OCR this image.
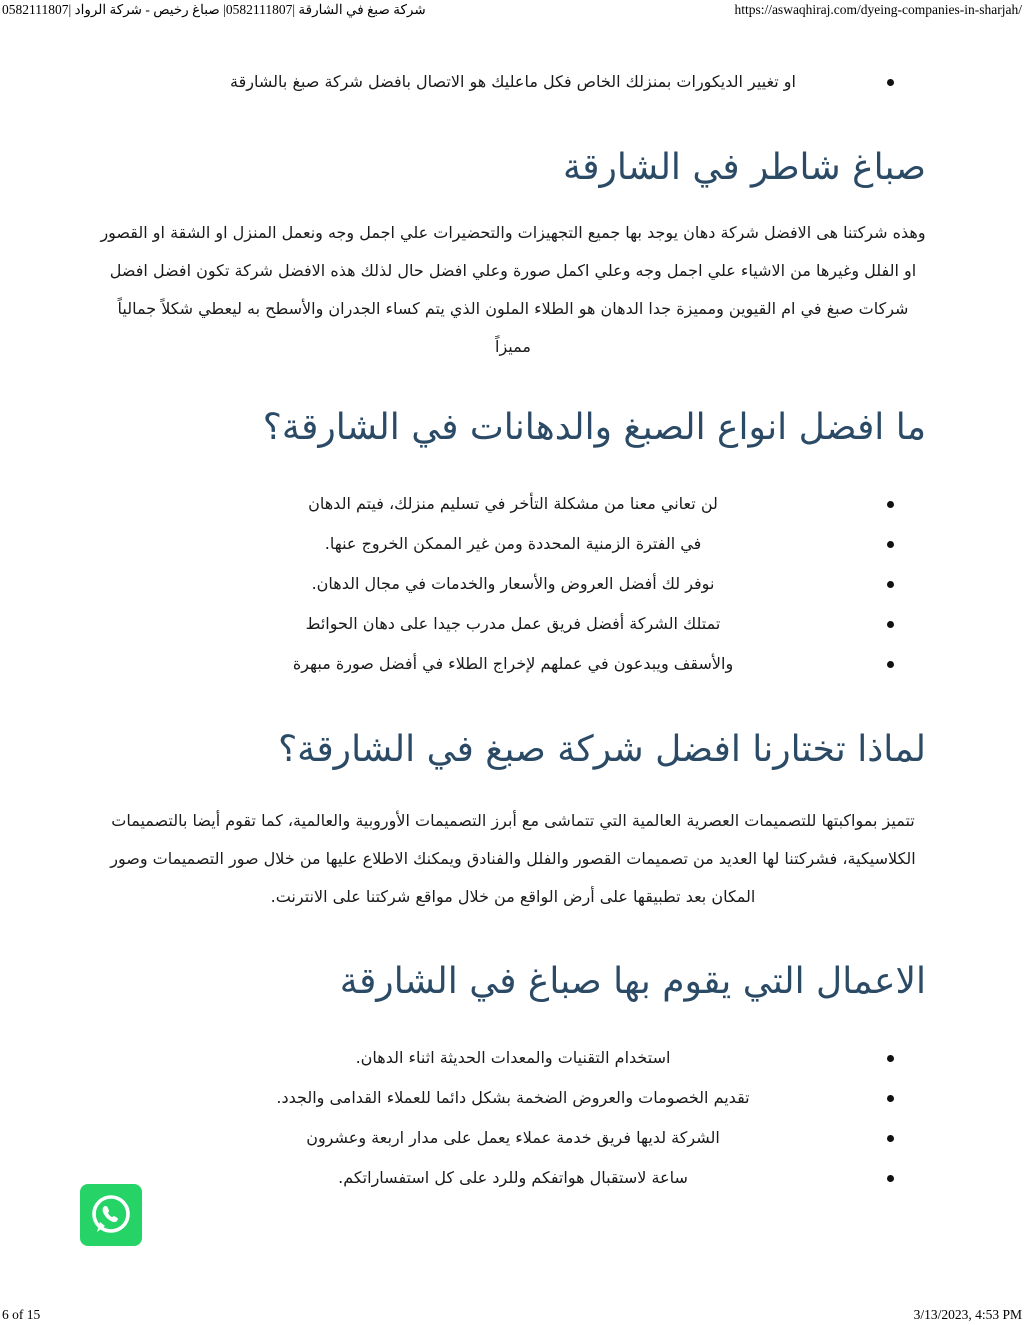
شركة صبغ في الشارقة |0582111807| صباغ رخيص - شركة الرواد |0582111807	https://aswaqhiraj.com/dyeing-companies-in-sharjah/
او تغيير الديكورات بمنزلك الخاص فكل ماعليك هو الاتصال بافضل شركة صبغ بالشارقة
صباغ شاطر في الشارقة

وهذه شركتنا هى الافضل شركة دهان يوجد بها جميع التجهيزات والتحضيرات علي اجمل وجه ونعمل المنزل او الشقة او القصور

او الفلل وغيرها من الاشياء علي اجمل وجه وعلي اكمل صورة وعلي افضل حال لذلك هذه الافضل شركة تكون افضل افضل

شركات صبغ في ام القيوين ومميزة جدا الدهان هو الطلاء الملون الذي يتم كساء الجدران والأسطح به ليعطي شكلاً جمالياً مميزاً

ما افضل انواع الصبغ والدهانات في الشارقة؟
لن تعاني معنا من مشكلة التأخر في تسليم منزلك، فيتم الدهان
في الفترة الزمنية المحددة ومن غير الممكن الخروج عنها.
نوفر لك أفضل العروض والأسعار والخدمات في مجال الدهان.
تمتلك الشركة أفضل فريق عمل مدرب جيدا على دهان الحوائط
والأسقف ويبدعون في عملهم لإخراج الطلاء في أفضل صورة مبهرة
لماذا تختارنا افضل شركة صبغ في الشارقة؟

تتميز بمواكبتها للتصميمات العصرية العالمية التي تتماشى مع أبرز التصميمات الأوروبية والعالمية، كما تقوم أيضا بالتصميمات

الكلاسيكية، فشركتنا لها العديد من تصميمات القصور والفلل والفنادق ويمكنك الاطلاع عليها من خلال صور التصميمات وصور

المكان بعد تطبيقها على أرض الواقع من خلال مواقع شركتنا على الانترنت.

الاعمال التي يقوم بها صباغ في الشارقة
استخدام التقنيات والمعدات الحديثة اثناء الدهان.
تقديم الخصومات والعروض الضخمة بشكل دائما للعملاء القدامى والجدد.
الشركة لديها فريق خدمة عملاء يعمل على مدار اربعة وعشرون
ساعة لاستقبال هواتفكم وللرد على كل استفساراتكم.
6 of 15	3/13/2023, 4:53 PM
